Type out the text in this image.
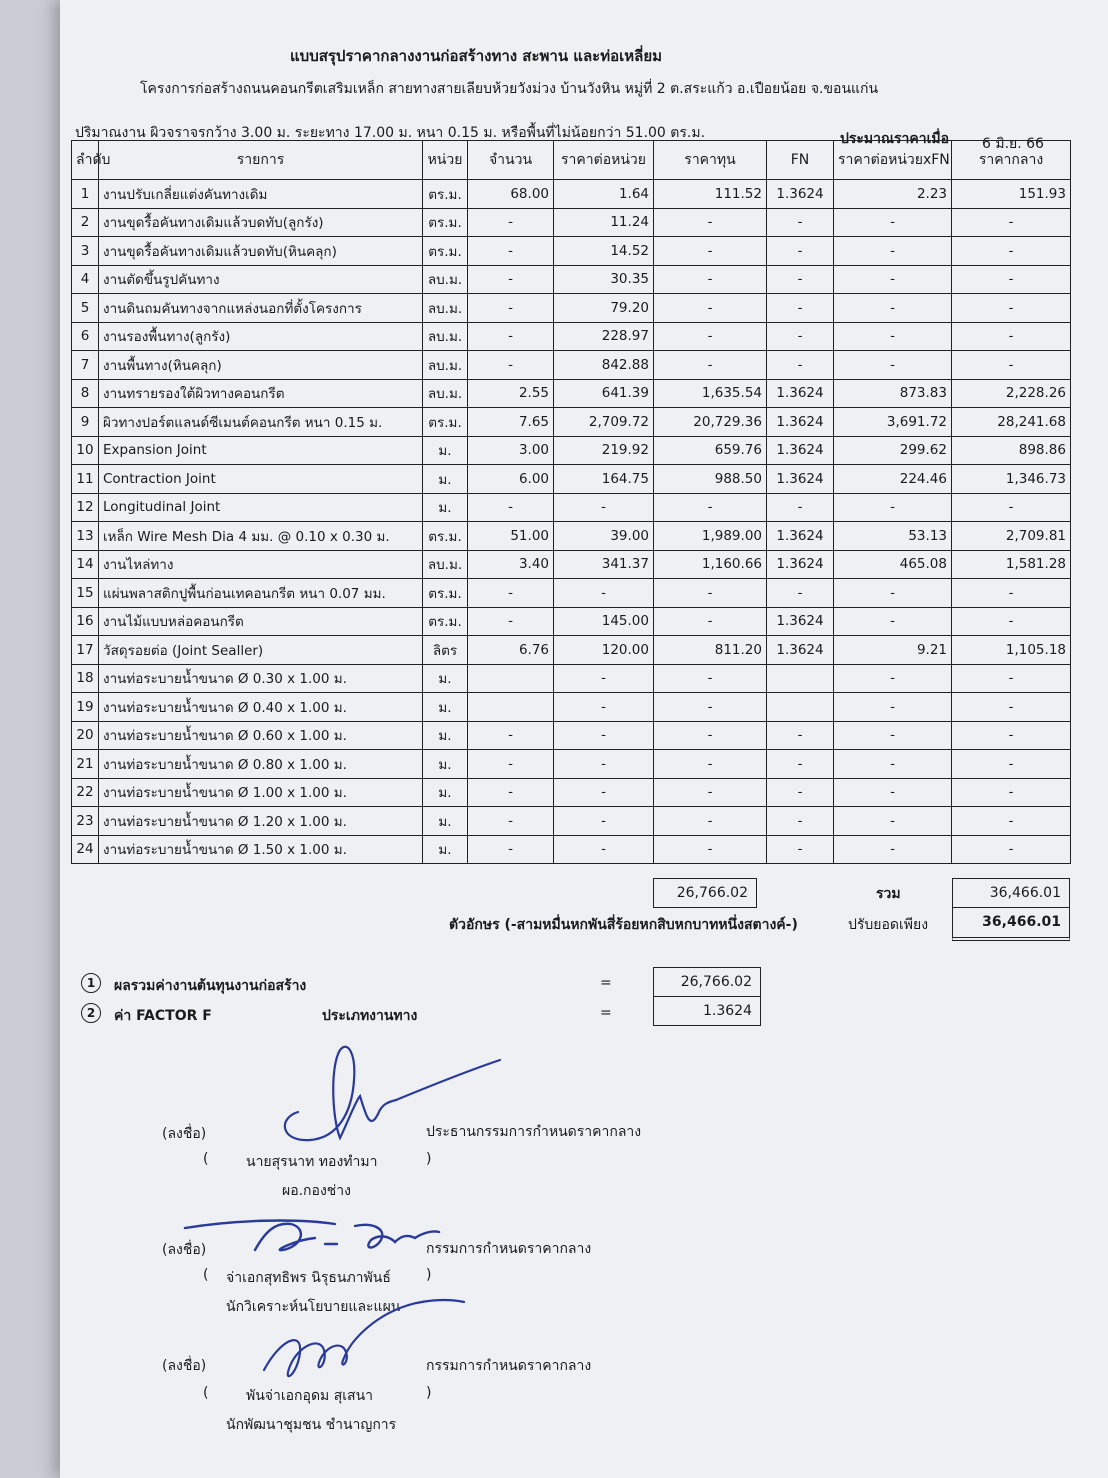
แบบสรุปราคากลางงานก่อสร้างทาง สะพาน และท่อเหลี่ยม
โครงการก่อสร้างถนนคอนกรีตเสริมเหล็ก สายทางสายเลียบห้วยวังม่วง บ้านวังหิน หมู่ที่ 2 ต.สระแก้ว อ.เปือยน้อย จ.ขอนแก่น
ปริมาณงาน ผิวจราจรกว้าง 3.00 ม. ระยะทาง 17.00 ม. หนา 0.15 ม. หรือพื้นที่ไม่น้อยกว่า 51.00 ตร.ม.	ประมาณราคาเมื่อ 6 มิ.ย. 66
ลำดับ	รายการ	หน่วย	จำนวน	ราคาต่อหน่วย	ราคาทุน	FN	ราคาต่อหน่วยxFN	ราคากลาง
1	งานปรับเกลี่ยแต่งคันทางเดิม	ตร.ม.	68.00	1.64	111.52	1.3624	2.23	151.93
2	งานขุดรื้อคันทางเดิมแล้วบดทับ(ลูกรัง)	ตร.ม.	-	11.24	-	-	-	-
3	งานขุดรื้อคันทางเดิมแล้วบดทับ(หินคลุก)	ตร.ม.	-	14.52	-	-	-	-
4	งานตัดขึ้นรูปคันทาง	ลบ.ม.	-	30.35	-	-	-	-
5	งานดินถมคันทางจากแหล่งนอกที่ตั้งโครงการ	ลบ.ม.	-	79.20	-	-	-	-
6	งานรองพื้นทาง(ลูกรัง)	ลบ.ม.	-	228.97	-	-	-	-
7	งานพื้นทาง(หินคลุก)	ลบ.ม.	-	842.88	-	-	-	-
8	งานทรายรองใต้ผิวทางคอนกรีต	ลบ.ม.	2.55	641.39	1,635.54	1.3624	873.83	2,228.26
9	ผิวทางปอร์ตแลนด์ซีเมนต์คอนกรีต หนา 0.15 ม.	ตร.ม.	7.65	2,709.72	20,729.36	1.3624	3,691.72	28,241.68
10	Expansion Joint	ม.	3.00	219.92	659.76	1.3624	299.62	898.86
11	Contraction Joint	ม.	6.00	164.75	988.50	1.3624	224.46	1,346.73
12	Longitudinal Joint	ม.	-	-	-	-	-	-
13	เหล็ก Wire Mesh Dia 4 มม. @ 0.10 x 0.30 ม.	ตร.ม.	51.00	39.00	1,989.00	1.3624	53.13	2,709.81
14	งานไหล่ทาง	ลบ.ม.	3.40	341.37	1,160.66	1.3624	465.08	1,581.28
15	แผ่นพลาสติกปูพื้นก่อนเทคอนกรีต หนา 0.07 มม.	ตร.ม.	-	-	-	-	-	-
16	งานไม้แบบหล่อคอนกรีต	ตร.ม.	-	145.00	-	1.3624	-	-
17	วัสดุรอยต่อ (Joint Sealler)	ลิตร	6.76	120.00	811.20	1.3624	9.21	1,105.18
18	งานท่อระบายน้ำขนาด Ø 0.30 x 1.00 ม.	ม.		-	-		-	-
19	งานท่อระบายน้ำขนาด Ø 0.40 x 1.00 ม.	ม.		-	-		-	-
20	งานท่อระบายน้ำขนาด Ø 0.60 x 1.00 ม.	ม.	-	-	-	-	-	-
21	งานท่อระบายน้ำขนาด Ø 0.80 x 1.00 ม.	ม.	-	-	-	-	-	-
22	งานท่อระบายน้ำขนาด Ø 1.00 x 1.00 ม.	ม.	-	-	-	-	-	-
23	งานท่อระบายน้ำขนาด Ø 1.20 x 1.00 ม.	ม.	-	-	-	-	-	-
24	งานท่อระบายน้ำขนาด Ø 1.50 x 1.00 ม.	ม.	-	-	-	-	-	-
26,766.02	รวม	36,466.01
ตัวอักษร (-สามหมื่นหกพันสี่ร้อยหกสิบหกบาทหนึ่งสตางค์-)	ปรับยอดเพียง	36,466.01
1	ผลรวมค่างานต้นทุนงานก่อสร้าง	=	26,766.02
2	ค่า FACTOR F	ประเภทงานทาง	=	1.3624
(ลงชื่อ)	ประธานกรรมการกำหนดราคากลาง
(	นายสุรนาท ทองทำมา	)
ผอ.กองช่าง
(ลงชื่อ)	กรรมการกำหนดราคากลาง
( จ่าเอกสุทธิพร นิรุธนภาพันธ์	)
นักวิเคราะห์นโยบายและแผน
(ลงชื่อ)	กรรมการกำหนดราคากลาง
(	พันจ่าเอกอุดม สุเสนา	)
นักพัฒนาชุมชน ชำนาญการ
